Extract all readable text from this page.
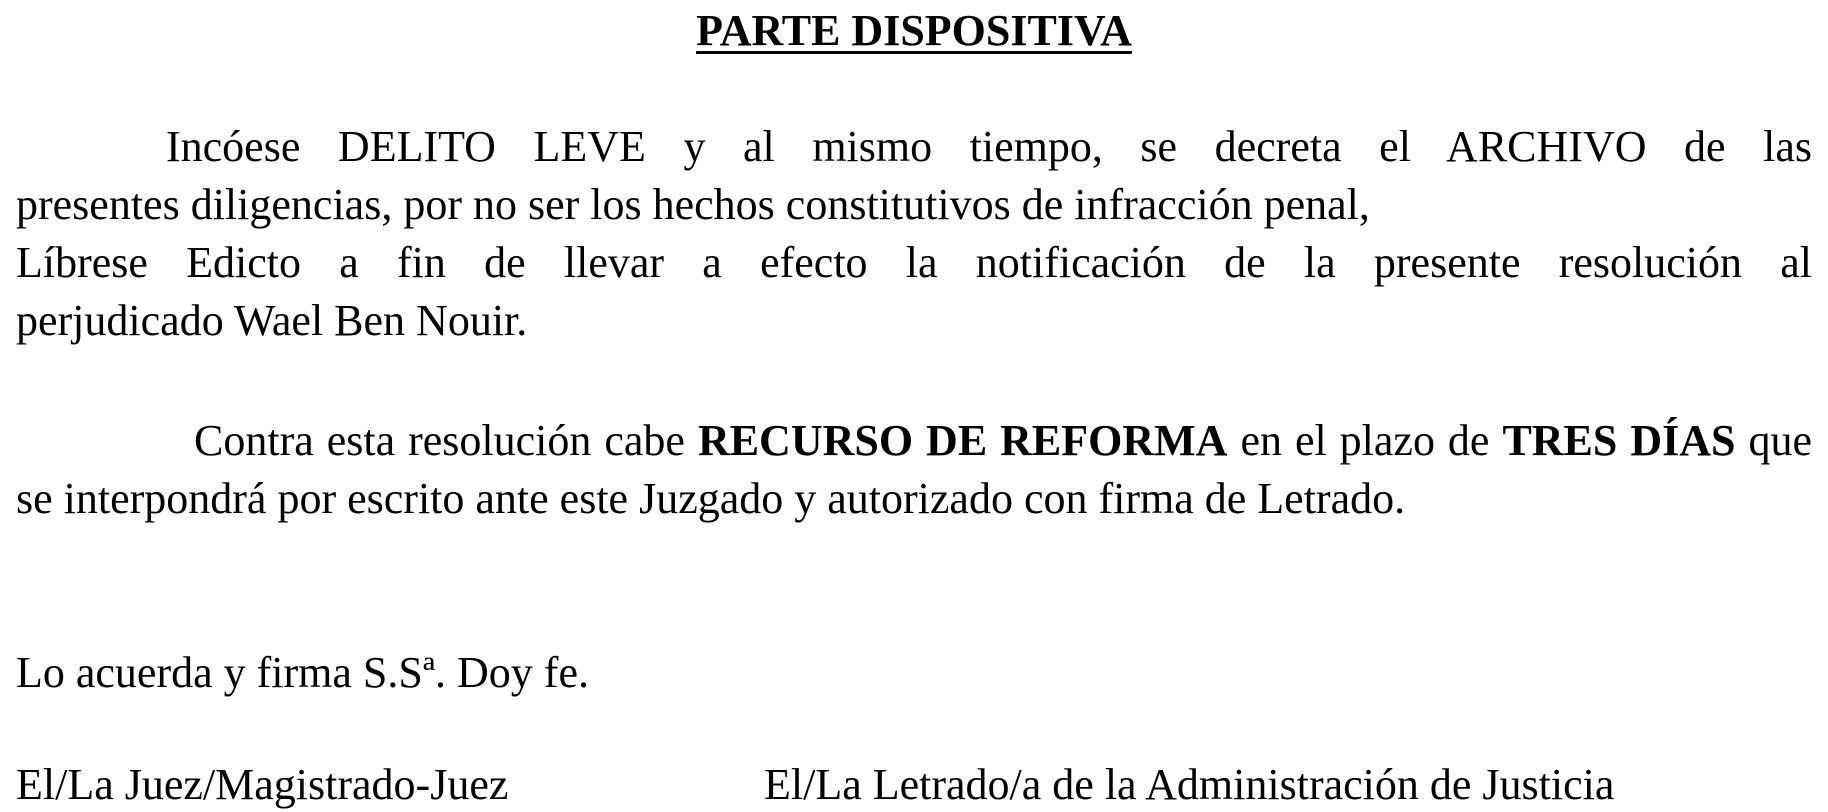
PARTE DISPOSITIVA
Incóese DELITO LEVE y al mismo tiempo, se decreta el ARCHIVO de las
presentes diligencias, por no ser los hechos constitutivos de infracción penal,
Líbrese Edicto a fin de llevar a efecto la notificación de la presente resolución al
perjudicado Wael Ben Nouir.

Contra esta resolución cabe RECURSO DE REFORMA en el plazo de TRES DÍAS que se interpondrá por escrito ante este Juzgado y autorizado con firma de Letrado.

Lo acuerda y firma S.Sª. Doy fe.

El/La Juez/Magistrado-Juez	El/La Letrado/a de la Administración de Justicia
